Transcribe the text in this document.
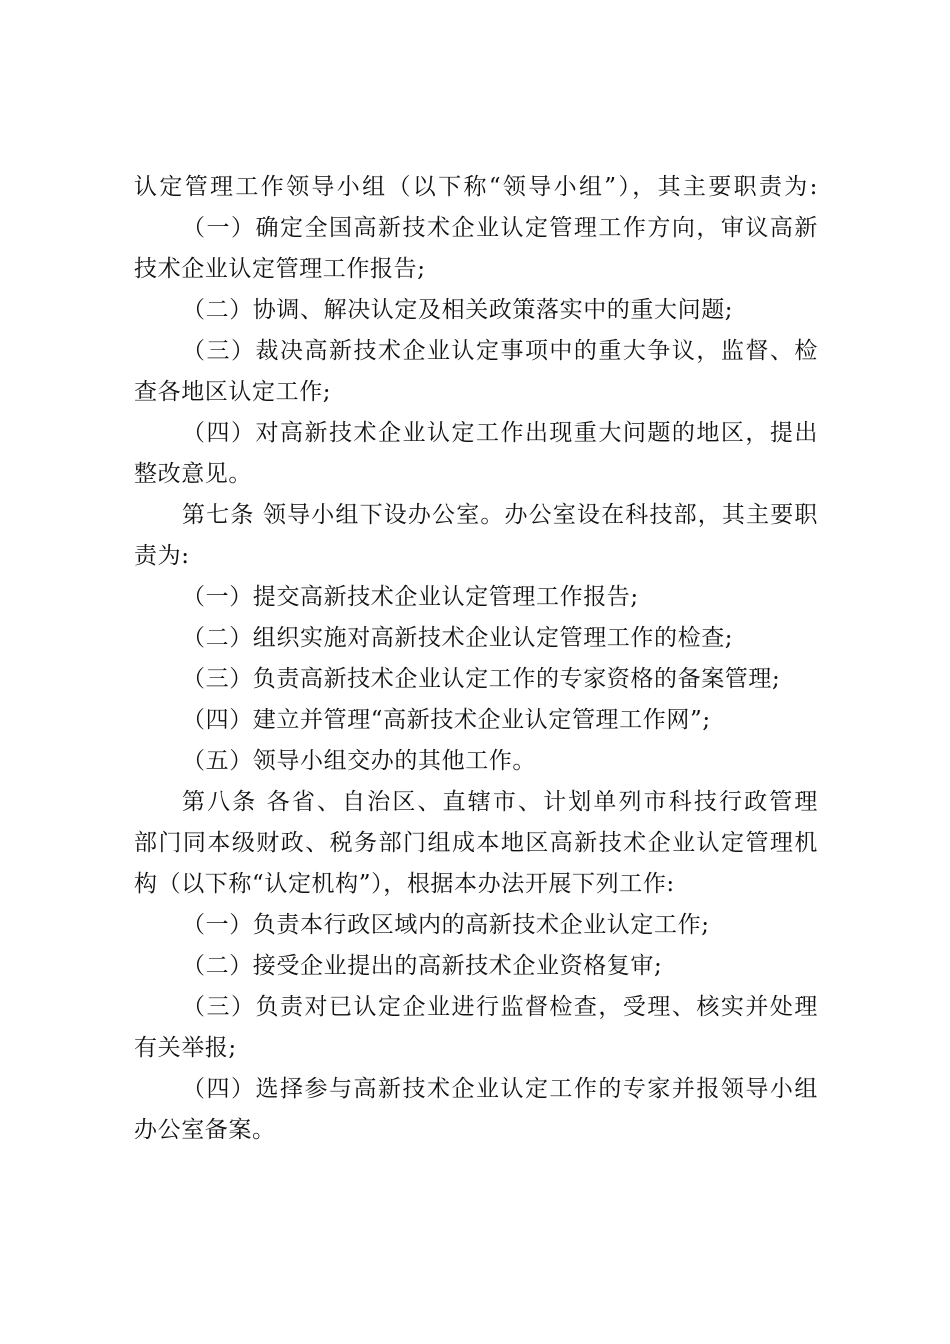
认定管理工作领导小组（以下称“领导小组”），其主要职责为:
（一）确定全国高新技术企业认定管理工作方向，审议高新
技术企业认定管理工作报告;
（二）协调、解决认定及相关政策落实中的重大问题;
（三）裁决高新技术企业认定事项中的重大争议，监督、检
查各地区认定工作;
（四）对高新技术企业认定工作出现重大问题的地区，提出
整改意见。
第七条 领导小组下设办公室。办公室设在科技部，其主要职
责为:
（一）提交高新技术企业认定管理工作报告;
（二）组织实施对高新技术企业认定管理工作的检查;
（三）负责高新技术企业认定工作的专家资格的备案管理;
（四）建立并管理“高新技术企业认定管理工作网”;
（五）领导小组交办的其他工作。
第八条 各省、自治区、直辖市、计划单列市科技行政管理
部门同本级财政、税务部门组成本地区高新技术企业认定管理机
构（以下称“认定机构”），根据本办法开展下列工作:
（一）负责本行政区域内的高新技术企业认定工作;
（二）接受企业提出的高新技术企业资格复审;
（三）负责对已认定企业进行监督检查，受理、核实并处理
有关举报;
（四）选择参与高新技术企业认定工作的专家并报领导小组
办公室备案。
